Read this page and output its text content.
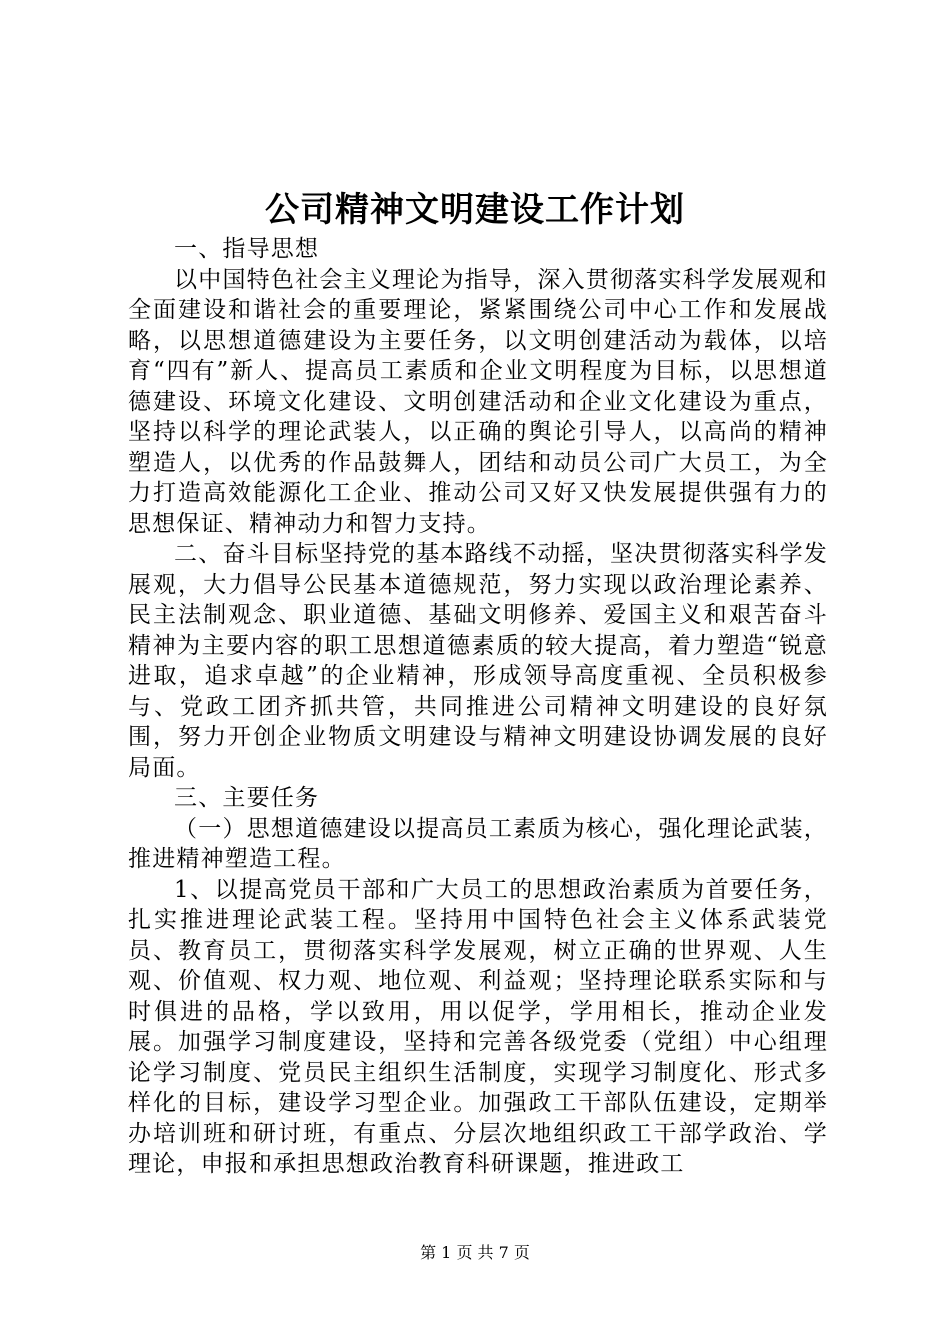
公司精神文明建设工作计划

一、指导思想

以中国特色社会主义理论为指导，深入贯彻落实科学发展观和全面建设和谐社会的重要理论，紧紧围绕公司中心工作和发展战略，以思想道德建设为主要任务，以文明创建活动为载体，以培育“四有”新人、提高员工素质和企业文明程度为目标，以思想道德建设、环境文化建设、文明创建活动和企业文化建设为重点，坚持以科学的理论武装人，以正确的舆论引导人，以高尚的精神塑造人，以优秀的作品鼓舞人，团结和动员公司广大员工，为全力打造高效能源化工企业、推动公司又好又快发展提供强有力的思想保证、精神动力和智力支持。

二、奋斗目标坚持党的基本路线不动摇，坚决贯彻落实科学发展观，大力倡导公民基本道德规范，努力实现以政治理论素养、民主法制观念、职业道德、基础文明修养、爱国主义和艰苦奋斗精神为主要内容的职工思想道德素质的较大提高，着力塑造“锐意进取，追求卓越”的企业精神，形成领导高度重视、全员积极参与、党政工团齐抓共管，共同推进公司精神文明建设的良好氛围，努力开创企业物质文明建设与精神文明建设协调发展的良好局面。

三、主要任务

（一）思想道德建设以提高员工素质为核心，强化理论武装，推进精神塑造工程。

1、以提高党员干部和广大员工的思想政治素质为首要任务，扎实推进理论武装工程。坚持用中国特色社会主义体系武装党员、教育员工，贯彻落实科学发展观，树立正确的世界观、人生观、价值观、权力观、地位观、利益观；坚持理论联系实际和与时俱进的品格，学以致用，用以促学，学用相长，推动企业发展。加强学习制度建设，坚持和完善各级党委（党组）中心组理论学习制度、党员民主组织生活制度，实现学习制度化、形式多样化的目标，建设学习型企业。加强政工干部队伍建设，定期举办培训班和研讨班，有重点、分层次地组织政工干部学政治、学理论，申报和承担思想政治教育科研课题，推进政工

第 1 页 共 7 页
